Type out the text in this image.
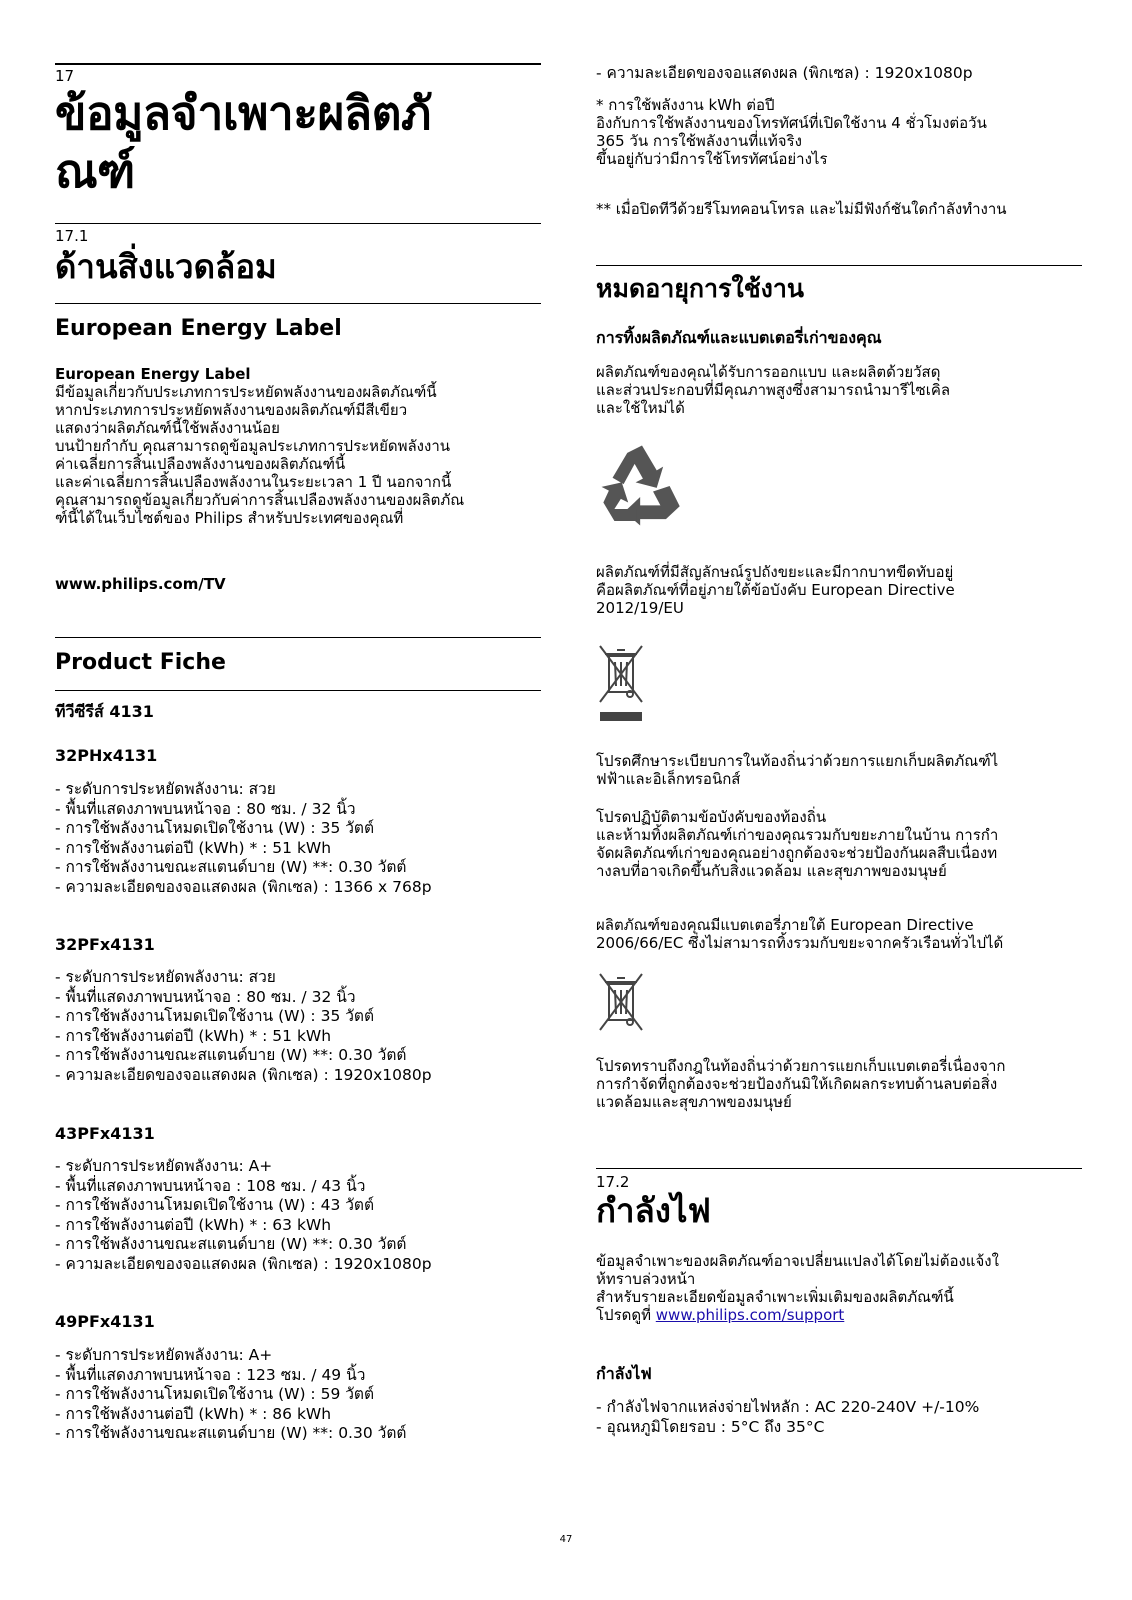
17
ข้อมูลจำเพาะผลิตภั
ณฑ์
17.1
ด้านสิ่งแวดล้อม
European Energy Label
European Energy Label
มีข้อมูลเกี่ยวกับประเภทการประหยัดพลังงานของผลิตภัณฑ์นี้
หากประเภทการประหยัดพลังงานของผลิตภัณฑ์มีสีเขียว
แสดงว่าผลิตภัณฑ์นี้ใช้พลังงานน้อย
บนป้ายกำกับ คุณสามารถดูข้อมูลประเภทการประหยัดพลังงาน
ค่าเฉลี่ยการสิ้นเปลืองพลังงานของผลิตภัณฑ์นี้
และค่าเฉลี่ยการสิ้นเปลืองพลังงานในระยะเวลา 1 ปี นอกจากนี้
คุณสามารถดูข้อมูลเกี่ยวกับค่าการสิ้นเปลืองพลังงานของผลิตภัณ
ฑ์นี้ได้ในเว็บไซต์ของ Philips สำหรับประเทศของคุณที่
www.philips.com/TV
Product Fiche
ทีวีซีรีส์ 4131
32PHx4131
- ระดับการประหยัดพลังงาน: สวย
- พื้นที่แสดงภาพบนหน้าจอ : 80 ซม. / 32 นิ้ว
- การใช้พลังงานโหมดเปิดใช้งาน (W) : 35 วัตต์
- การใช้พลังงานต่อปี (kWh) * : 51 kWh
- การใช้พลังงานขณะสแตนด์บาย (W) **: 0.30 วัตต์
- ความละเอียดของจอแสดงผล (พิกเซล) : 1366 x 768p
32PFx4131
- ระดับการประหยัดพลังงาน: สวย
- พื้นที่แสดงภาพบนหน้าจอ : 80 ซม. / 32 นิ้ว
- การใช้พลังงานโหมดเปิดใช้งาน (W) : 35 วัตต์
- การใช้พลังงานต่อปี (kWh) * : 51 kWh
- การใช้พลังงานขณะสแตนด์บาย (W) **: 0.30 วัตต์
- ความละเอียดของจอแสดงผล (พิกเซล) : 1920x1080p
43PFx4131
- ระดับการประหยัดพลังงาน: A+
- พื้นที่แสดงภาพบนหน้าจอ : 108 ซม. / 43 นิ้ว
- การใช้พลังงานโหมดเปิดใช้งาน (W) : 43 วัตต์
- การใช้พลังงานต่อปี (kWh) * : 63 kWh
- การใช้พลังงานขณะสแตนด์บาย (W) **: 0.30 วัตต์
- ความละเอียดของจอแสดงผล (พิกเซล) : 1920x1080p
49PFx4131
- ระดับการประหยัดพลังงาน: A+
- พื้นที่แสดงภาพบนหน้าจอ : 123 ซม. / 49 นิ้ว
- การใช้พลังงานโหมดเปิดใช้งาน (W) : 59 วัตต์
- การใช้พลังงานต่อปี (kWh) * : 86 kWh
- การใช้พลังงานขณะสแตนด์บาย (W) **: 0.30 วัตต์
- ความละเอียดของจอแสดงผล (พิกเซล) : 1920x1080p
* การใช้พลังงาน kWh ต่อปี
อิงกับการใช้พลังงานของโทรทัศน์ที่เปิดใช้งาน 4 ชั่วโมงต่อวัน
365 วัน การใช้พลังงานที่แท้จริง
ขึ้นอยู่กับว่ามีการใช้โทรทัศน์อย่างไร
** เมื่อปิดทีวีด้วยรีโมทคอนโทรล และไม่มีฟังก์ชันใดกำลังทำงาน
หมดอายุการใช้งาน
การทิ้งผลิตภัณฑ์และแบตเตอรี่เก่าของคุณ
ผลิตภัณฑ์ของคุณได้รับการออกแบบ และผลิตด้วยวัสดุ
และส่วนประกอบที่มีคุณภาพสูงซึ่งสามารถนำมารีไซเคิล
และใช้ใหม่ได้
ผลิตภัณฑ์ที่มีสัญลักษณ์รูปถังขยะและมีกากบาทขีดทับอยู่
คือผลิตภัณฑ์ที่อยู่ภายใต้ข้อบังคับ European Directive
2012/19/EU
โปรดศึกษาระเบียบการในท้องถิ่นว่าด้วยการแยกเก็บผลิตภัณฑ์ไ
ฟฟ้าและอิเล็กทรอนิกส์
โปรดปฏิบัติตามข้อบังคับของท้องถิ่น
และห้ามทิ้งผลิตภัณฑ์เก่าของคุณรวมกับขยะภายในบ้าน การกำ
จัดผลิตภัณฑ์เก่าของคุณอย่างถูกต้องจะช่วยป้องกันผลสืบเนื่องท
างลบที่อาจเกิดขึ้นกับสิ่งแวดล้อม และสุขภาพของมนุษย์
ผลิตภัณฑ์ของคุณมีแบตเตอรี่ภายใต้ European Directive
2006/66/EC ซึ่งไม่สามารถทิ้งรวมกับขยะจากครัวเรือนทั่วไปได้
โปรดทราบถึงกฎในท้องถิ่นว่าด้วยการแยกเก็บแบตเตอรี่เนื่องจาก
การกำจัดที่ถูกต้องจะช่วยป้องกันมิให้เกิดผลกระทบด้านลบต่อสิ่ง
แวดล้อมและสุขภาพของมนุษย์
17.2
กำลังไฟ
ข้อมูลจำเพาะของผลิตภัณฑ์อาจเปลี่ยนแปลงได้โดยไม่ต้องแจ้งใ
ห้ทราบล่วงหน้า
สำหรับรายละเอียดข้อมูลจำเพาะเพิ่มเติมของผลิตภัณฑ์นี้
โปรดดูที่ www.philips.com/support
กำลังไฟ
- กำลังไฟจากแหล่งจ่ายไฟหลัก : AC 220-240V +/-10%
- อุณหภูมิโดยรอบ : 5°C ถึง 35°C
47
